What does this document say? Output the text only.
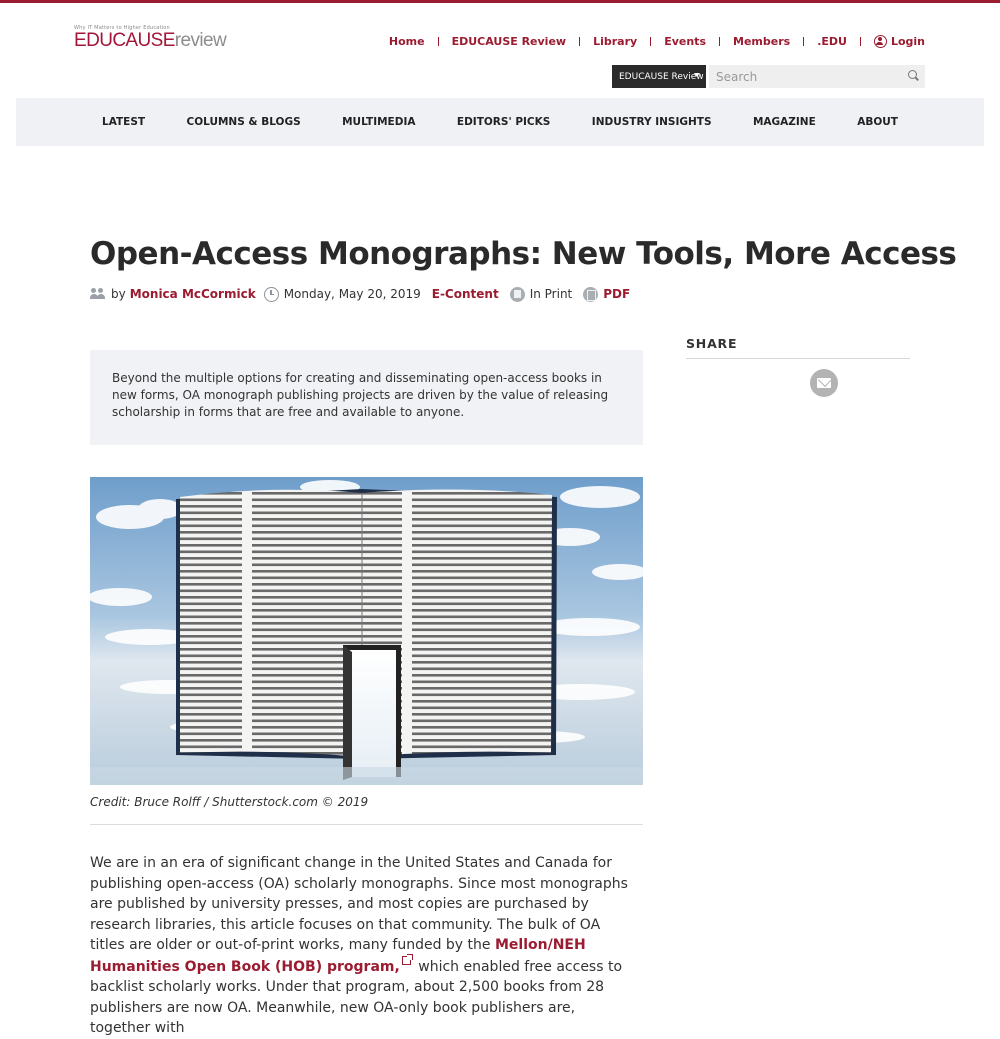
Why IT Matters to Higher Education
EDUCAUSEreview	Home EDUCAUSE Review Library Events Members .EDU	Login
EDUCAUSE Review
Search
LATEST	COLUMNS & BLOGS	MULTIMEDIA	EDITORS' PICKS	INDUSTRY INSIGHTS	MAGAZINE	ABOUT
Open-Access Monographs: New Tools, More Access
by Monica McCormick Monday, May 20, 2019 E-Content	In Print	PDF

Beyond the multiple options for creating and disseminating open-access books in new forms, OA monograph publishing projects are driven by the value of releasing scholarship in forms that are free and available to anyone.

Credit: Bruce Rolff / Shutterstock.com © 2019
We are in an era of significant change in the United States and Canada for publishing open-access (OA) scholarly monographs. Since most monographs are published by university presses, and most copies are purchased by research libraries, this article focuses on that community. The bulk of OA titles are older or out-of-print works, many funded by the Mellon/NEH Humanities Open Book (HOB) program, which enabled free access to backlist scholarly works. Under that program, about 2,500 books from 28 publishers are now OA. Meanwhile, new OA-only book publishers are, together with
SHARE
